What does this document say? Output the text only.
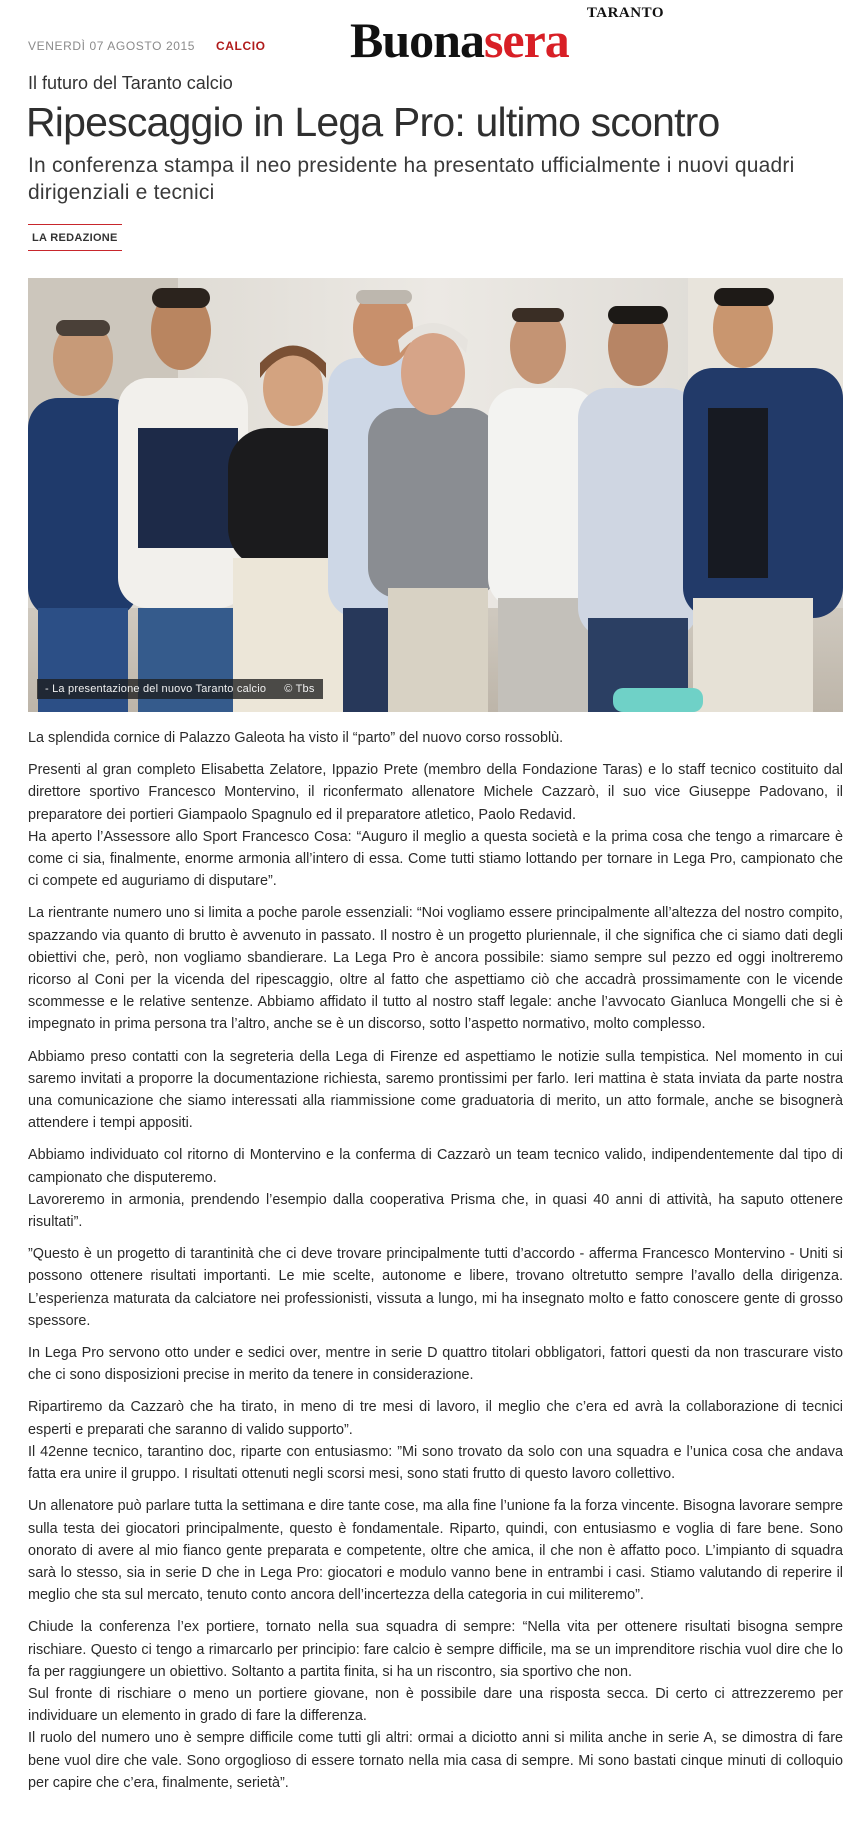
VENERDÌ 07 AGOSTO 2015 CALCIO
TARANTO
Buonasera
Il futuro del Taranto calcio
Ripescaggio in Lega Pro: ultimo scontro
In conferenza stampa il neo presidente ha presentato ufficialmente i nuovi quadri dirigenziali e tecnici
LA REDAZIONE
- La presentazione del nuovo Taranto calcio © Tbs

La splendida cornice di Palazzo Galeota ha visto il “parto” del nuovo corso rossoblù.

Presenti al gran completo Elisabetta Zelatore, Ippazio Prete (membro della Fondazione Taras) e lo staff tecnico costituito dal direttore sportivo Francesco Montervino, il riconfermato allenatore Michele Cazzarò, il suo vice Giuseppe Padovano, il preparatore dei portieri Giampaolo Spagnulo ed il preparatore atletico, Paolo Redavid.

Ha aperto l’Assessore allo Sport Francesco Cosa: “Auguro il meglio a questa società e la prima cosa che tengo a rimarcare è come ci sia, finalmente, enorme armonia all’intero di essa. Come tutti stiamo lottando per tornare in Lega Pro, campionato che ci compete ed auguriamo di disputare”.

La rientrante numero uno si limita a poche parole essenziali: “Noi vogliamo essere principalmente all’altezza del nostro compito, spazzando via quanto di brutto è avvenuto in passato. Il nostro è un progetto pluriennale, il che significa che ci siamo dati degli obiettivi che, però, non vogliamo sbandierare. La Lega Pro è ancora possibile: siamo sempre sul pezzo ed oggi inoltreremo ricorso al Coni per la vicenda del ripescaggio, oltre al fatto che aspettiamo ciò che accadrà prossimamente con le vicende scommesse e le relative sentenze. Abbiamo affidato il tutto al nostro staff legale: anche l’avvocato Gianluca Mongelli che si è impegnato in prima persona tra l’altro, anche se è un discorso, sotto l’aspetto normativo, molto complesso.

Abbiamo preso contatti con la segreteria della Lega di Firenze ed aspettiamo le notizie sulla tempistica. Nel momento in cui saremo invitati a proporre la documentazione richiesta, saremo prontissimi per farlo. Ieri mattina è stata inviata da parte nostra una comunicazione che siamo interessati alla riammissione come graduatoria di merito, un atto formale, anche se bisognerà attendere i tempi appositi.

Abbiamo individuato col ritorno di Montervino e la conferma di Cazzarò un team tecnico valido, indipendentemente dal tipo di campionato che disputeremo.

Lavoreremo in armonia, prendendo l’esempio dalla cooperativa Prisma che, in quasi 40 anni di attività, ha saputo ottenere risultati”.

”Questo è un progetto di tarantinità che ci deve trovare principalmente tutti d’accordo - afferma Francesco Montervino - Uniti si possono ottenere risultati importanti. Le mie scelte, autonome e libere, trovano oltretutto sempre l’avallo della dirigenza. L’esperienza maturata da calciatore nei professionisti, vissuta a lungo, mi ha insegnato molto e fatto conoscere gente di grosso spessore.

In Lega Pro servono otto under e sedici over, mentre in serie D quattro titolari obbligatori, fattori questi da non trascurare visto che ci sono disposizioni precise in merito da tenere in considerazione.

Ripartiremo da Cazzarò che ha tirato, in meno di tre mesi di lavoro, il meglio che c’era ed avrà la collaborazione di tecnici esperti e preparati che saranno di valido supporto”.

Il 42enne tecnico, tarantino doc, riparte con entusiasmo: ”Mi sono trovato da solo con una squadra e l’unica cosa che andava fatta era unire il gruppo. I risultati ottenuti negli scorsi mesi, sono stati frutto di questo lavoro collettivo.

Un allenatore può parlare tutta la settimana e dire tante cose, ma alla fine l’unione fa la forza vincente. Bisogna lavorare sempre sulla testa dei giocatori principalmente, questo è fondamentale. Riparto, quindi, con entusiasmo e voglia di fare bene. Sono onorato di avere al mio fianco gente preparata e competente, oltre che amica, il che non è affatto poco. L’impianto di squadra sarà lo stesso, sia in serie D che in Lega Pro: giocatori e modulo vanno bene in entrambi i casi. Stiamo valutando di reperire il meglio che sta sul mercato, tenuto conto ancora dell’incertezza della categoria in cui militeremo”.

Chiude la conferenza l’ex portiere, tornato nella sua squadra di sempre: “Nella vita per ottenere risultati bisogna sempre rischiare. Questo ci tengo a rimarcarlo per principio: fare calcio è sempre difficile, ma se un imprenditore rischia vuol dire che lo fa per raggiungere un obiettivo. Soltanto a partita finita, si ha un riscontro, sia sportivo che non.

Sul fronte di rischiare o meno un portiere giovane, non è possibile dare una risposta secca. Di certo ci attrezzeremo per individuare un elemento in grado di fare la differenza.

Il ruolo del numero uno è sempre difficile come tutti gli altri: ormai a diciotto anni si milita anche in serie A, se dimostra di fare bene vuol dire che vale. Sono orgoglioso di essere tornato nella mia casa di sempre. Mi sono bastati cinque minuti di colloquio per capire che c’era, finalmente, serietà”.
